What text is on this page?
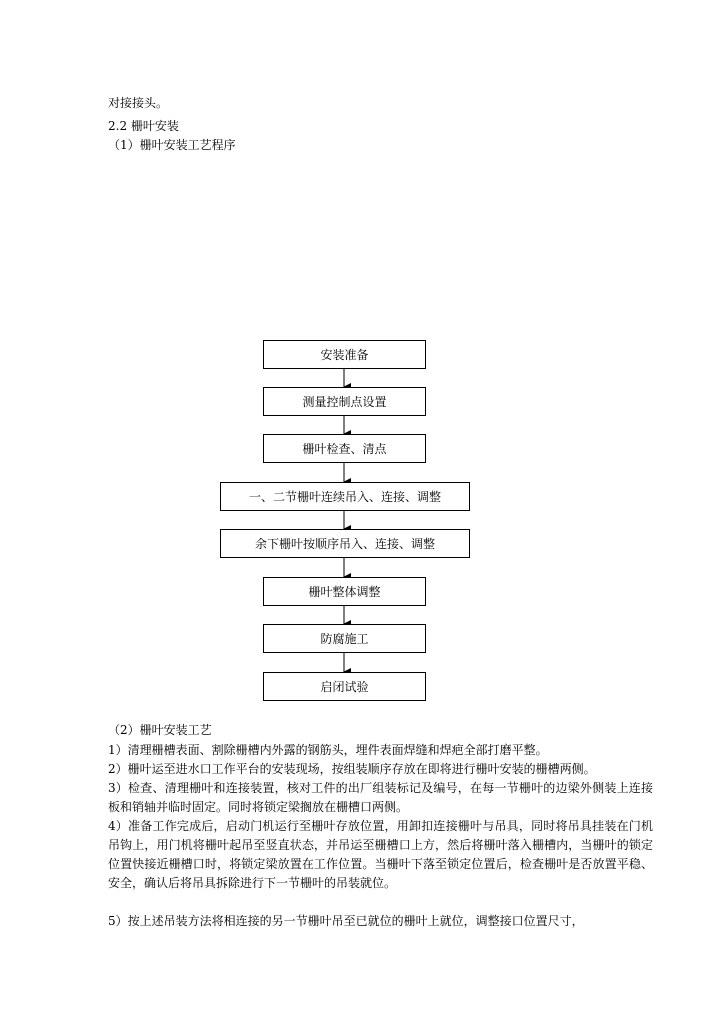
对接接头。
2.2 栅叶安装
（1）栅叶安装工艺程序
安装准备
测量控制点设置
栅叶检查、清点
一、二节栅叶连续吊入、连接、调整
余下栅叶按顺序吊入、连接、调整
栅叶整体调整
防腐施工
启闭试验
（2）栅叶安装工艺
1）清理栅槽表面、割除栅槽内外露的钢筋头，埋件表面焊缝和焊疤全部打磨平整。
2）栅叶运至进水口工作平台的安装现场，按组装顺序存放在即将进行栅叶安装的栅槽两侧。
3）检查、清理栅叶和连接装置，核对工件的出厂组装标记及编号，在每一节栅叶的边梁外侧装上连接板和销轴并临时固定。同时将锁定梁搁放在栅槽口两侧。
4）准备工作完成后，启动门机运行至栅叶存放位置，用卸扣连接栅叶与吊具，同时将吊具挂装在门机吊钩上，用门机将栅叶起吊至竖直状态，并吊运至栅槽口上方，然后将栅叶落入栅槽内，当栅叶的锁定位置快接近栅槽口时，将锁定梁放置在工作位置。当栅叶下落至锁定位置后，检查栅叶是否放置平稳、安全，确认后将吊具拆除进行下一节栅叶的吊装就位。
5）按上述吊装方法将相连接的另一节栅叶吊至已就位的栅叶上就位，调整接口位置尺寸，
